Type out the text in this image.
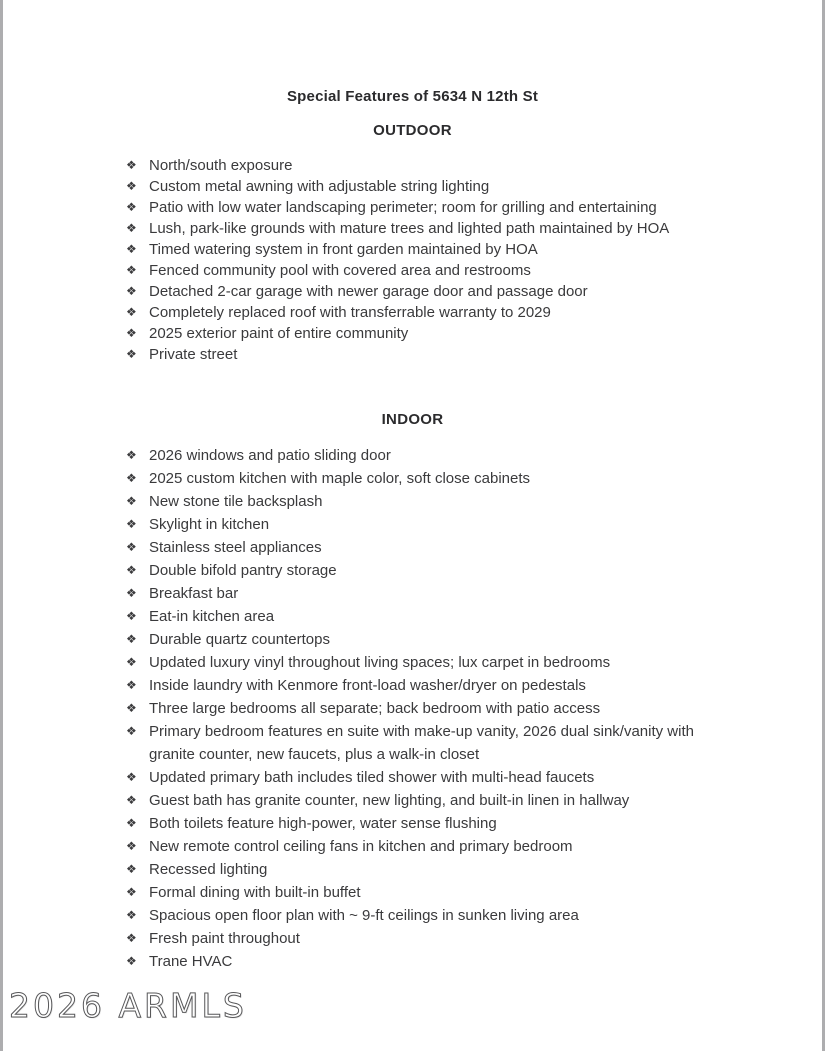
Special Features of 5634 N 12th St
OUTDOOR
❖ North/south exposure
❖ Custom metal awning with adjustable string lighting
❖ Patio with low water landscaping perimeter; room for grilling and entertaining
❖ Lush, park-like grounds with mature trees and lighted path maintained by HOA
❖ Timed watering system in front garden maintained by HOA
❖ Fenced community pool with covered area and restrooms
❖ Detached 2-car garage with newer garage door and passage door
❖ Completely replaced roof with transferrable warranty to 2029
❖ 2025 exterior paint of entire community
❖ Private street
INDOOR
❖ 2026 windows and patio sliding door
❖ 2025 custom kitchen with maple color, soft close cabinets
❖ New stone tile backsplash
❖ Skylight in kitchen
❖ Stainless steel appliances
❖ Double bifold pantry storage
❖ Breakfast bar
❖ Eat-in kitchen area
❖ Durable quartz countertops
❖ Updated luxury vinyl throughout living spaces; lux carpet in bedrooms
❖ Inside laundry with Kenmore front-load washer/dryer on pedestals
❖ Three large bedrooms all separate; back bedroom with patio access
❖ Primary bedroom features en suite with make-up vanity, 2026 dual sink/vanity with granite counter, new faucets, plus a walk-in closet
❖ Updated primary bath includes tiled shower with multi-head faucets
❖ Guest bath has granite counter, new lighting, and built-in linen in hallway
❖ Both toilets feature high-power, water sense flushing
❖ New remote control ceiling fans in kitchen and primary bedroom
❖ Recessed lighting
❖ Formal dining with built-in buffet
❖ Spacious open floor plan with ~ 9-ft ceilings in sunken living area
❖ Fresh paint throughout
❖ Trane HVAC
2026 ARMLS
